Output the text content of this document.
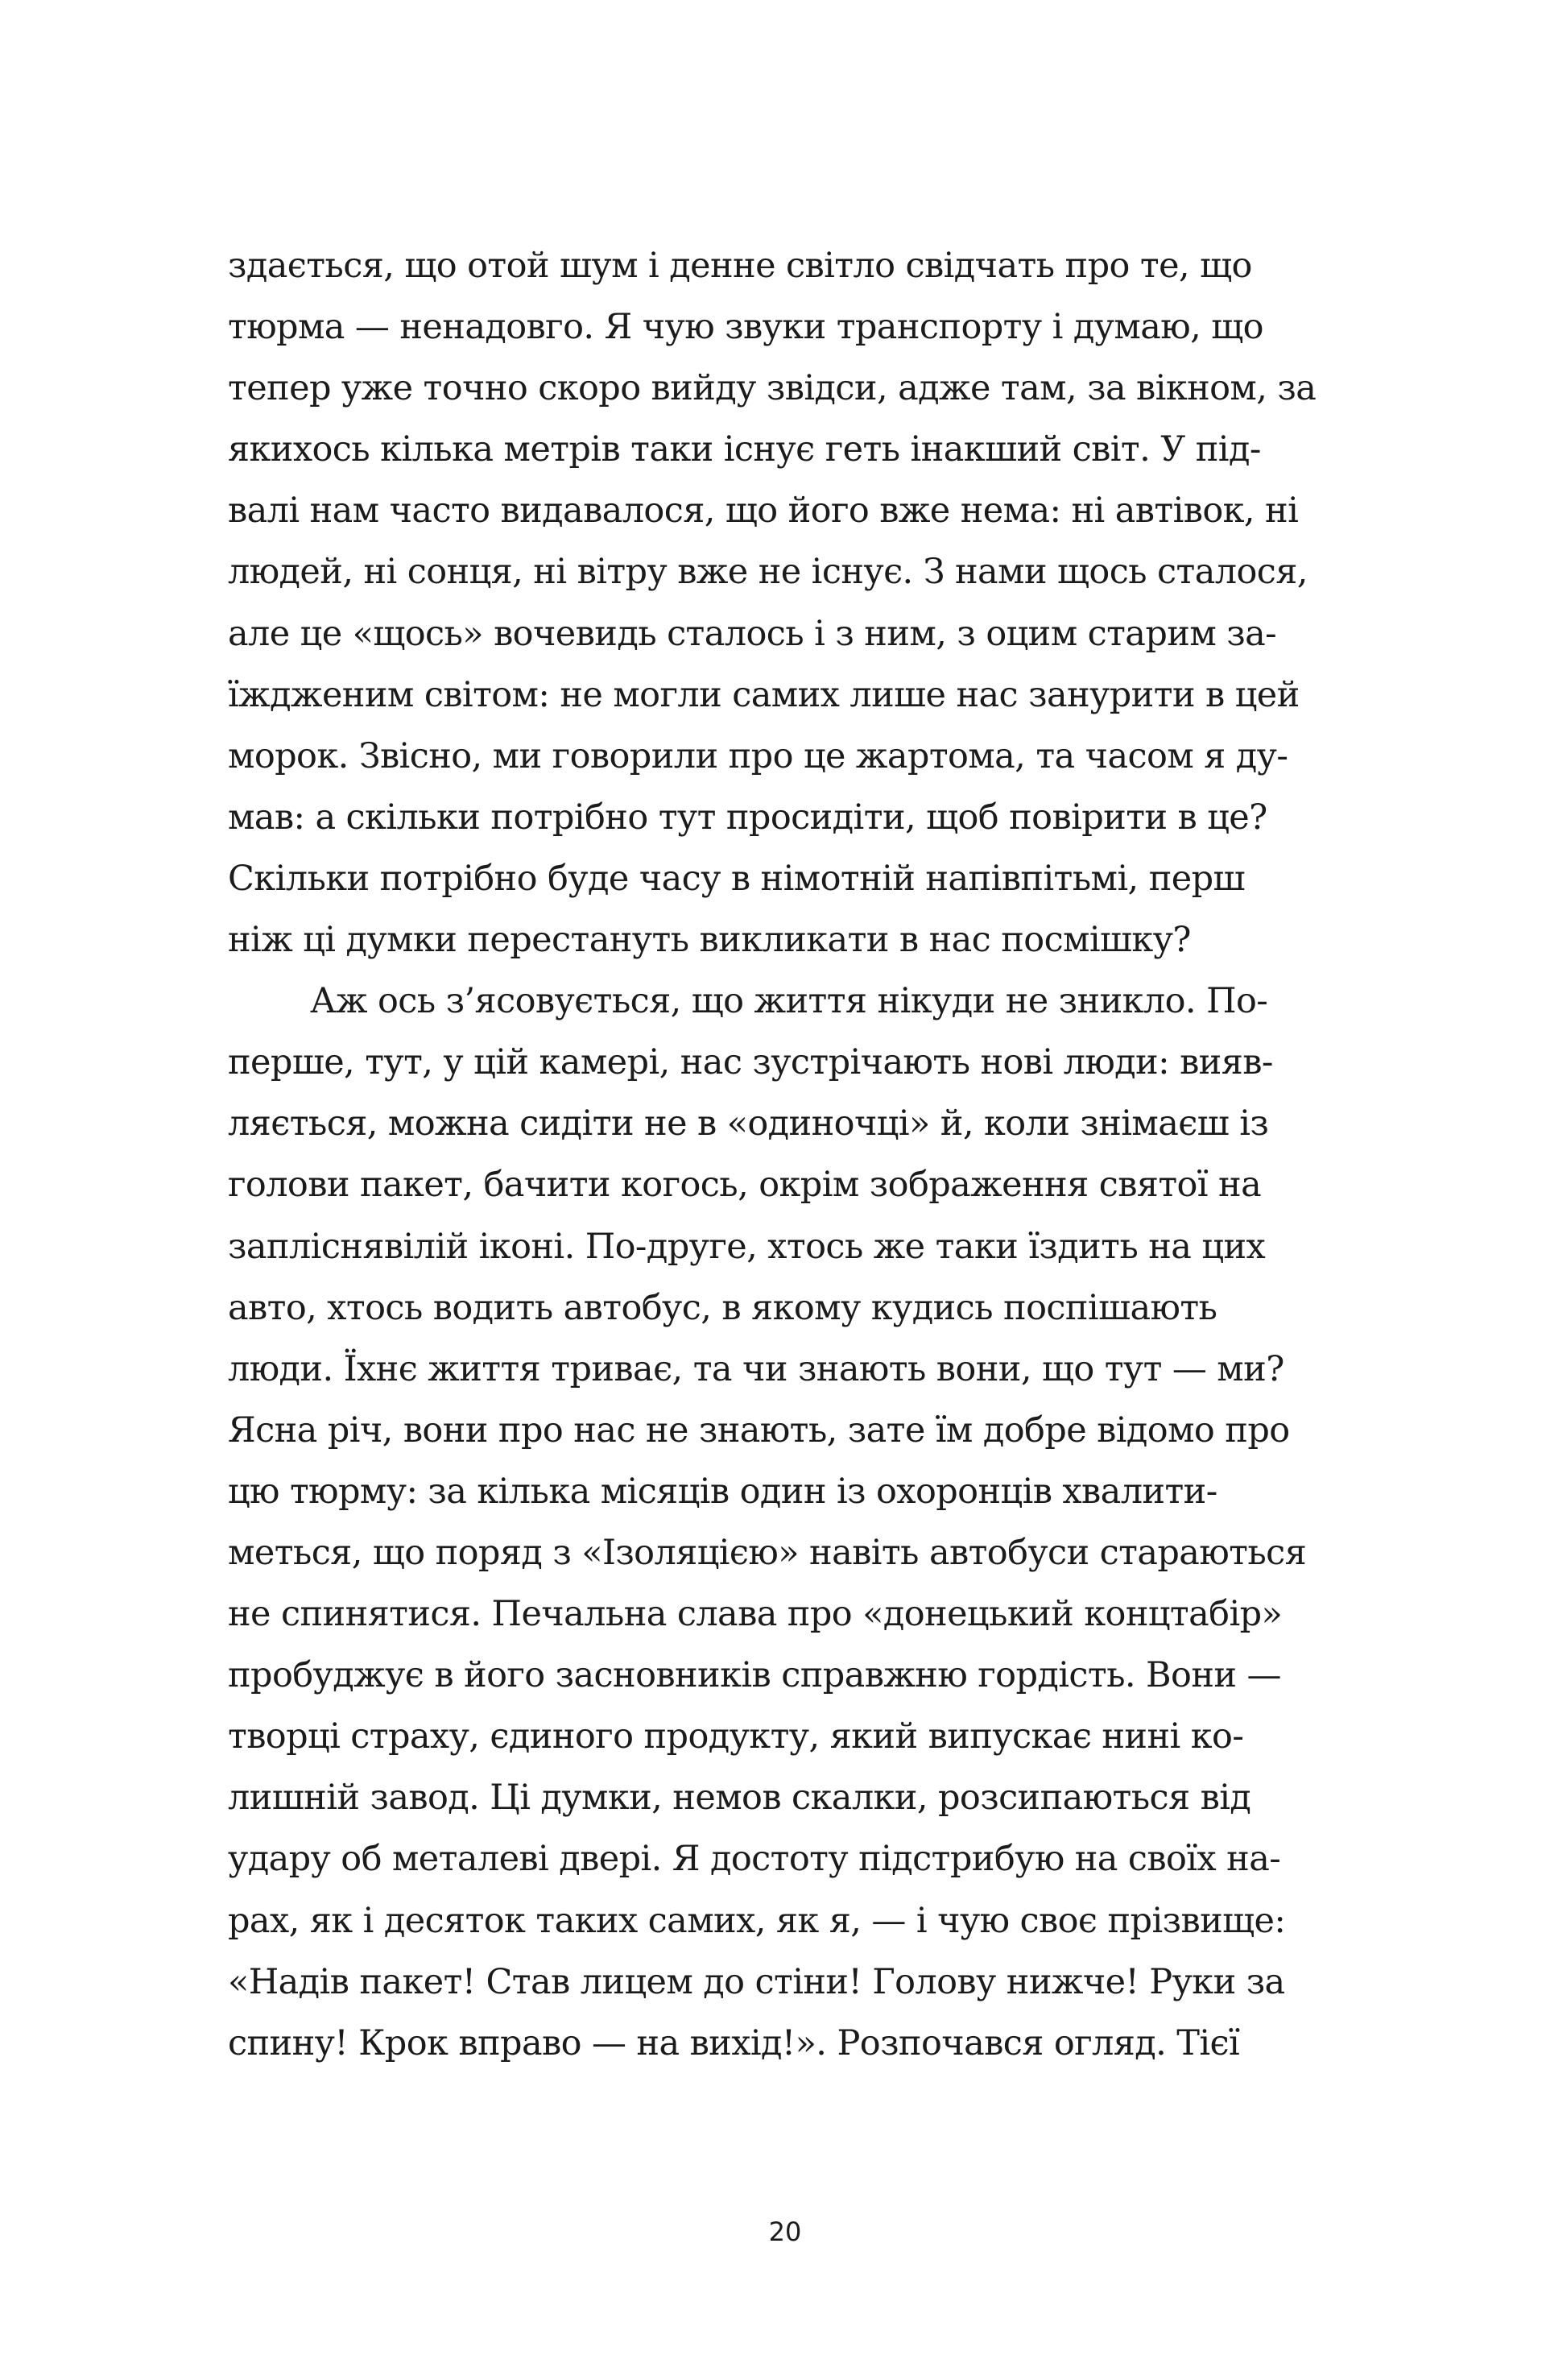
здається, що отой шум і денне світло свідчать про те, що
тюрма — ненадовго. Я чую звуки транспорту і думаю, що
тепер уже точно скоро вийду звідси, адже там, за вікном, за
якихось кілька метрів таки існує геть інакший світ. У під-
валі нам часто видавалося, що його вже нема: ні автівок, ні
людей, ні сонця, ні вітру вже не існує. З нами щось сталося,
але це «щось» вочевидь сталось і з ним, з оцим старим за-
їжджeним світом: не могли самих лише нас занурити в цей
морок. Звісно, ми говорили про це жартома, та часом я ду-
мав: а скільки потрібно тут просидіти, щоб повірити в це?
Скільки потрібно буде часу в німотній напівпітьмі, перш
ніж ці думки перестануть викликати в нас посмішку?
Аж ось з’ясовується, що життя нікуди не зникло. По-
перше, тут, у цій камері, нас зустрічають нові люди: вияв-
ляється, можна сидіти не в «одиночці» й, коли знімаєш із
голови пакет, бачити когось, окрім зображення святої на
запліснявілій іконі. По-друге, хтось же таки їздить на цих
авто, хтось водить автобус, в якому кудись поспішають
люди. Їхнє життя триває, та чи знають вони, що тут — ми?
Ясна річ, вони про нас не знають, зате їм добре відомо про
цю тюрму: за кілька місяців один із охоронців хвалити-
меться, що поряд з «Ізоляцією» навіть автобуси стараються
не спинятися. Печальна слава про «донецький концтабір»
пробуджує в його засновників справжню гордість. Вони —
творці страху, єдиного продукту, який випускає нині ко-
лишній завод. Ці думки, немов скалки, розсипаються від
удару об металеві двері. Я достоту підстрибую на своїх на-
рах, як і десяток таких самих, як я, — і чую своє прізвище:
«Надів пакет! Став лицем до стіни! Голову нижче! Руки за
спину! Крок вправо — на вихід!». Розпочався огляд. Тієї
20
